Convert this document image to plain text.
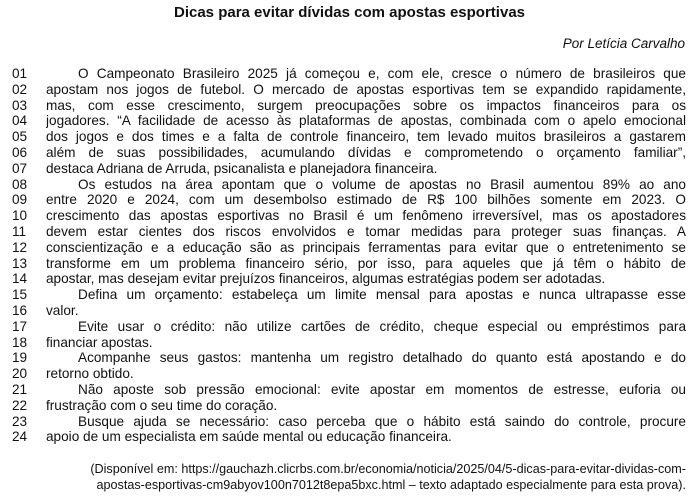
Dicas para evitar dívidas com apostas esportivas
Por Letícia Carvalho
01	O Campeonato Brasileiro 2025 já começou e, com ele, cresce o número de brasileiros que
02	apostam nos jogos de futebol. O mercado de apostas esportivas tem se expandido rapidamente,
03	mas, com esse crescimento, surgem preocupações sobre os impactos financeiros para os
04	jogadores. “A facilidade de acesso às plataformas de apostas, combinada com o apelo emocional
05	dos jogos e dos times e a falta de controle financeiro, tem levado muitos brasileiros a gastarem
06	além de suas possibilidades, acumulando dívidas e comprometendo o orçamento familiar”,
07	destaca Adriana de Arruda, psicanalista e planejadora financeira.
08	Os estudos na área apontam que o volume de apostas no Brasil aumentou 89% ao ano
09	entre 2020 e 2024, com um desembolso estimado de R$ 100 bilhões somente em 2023. O
10	crescimento das apostas esportivas no Brasil é um fenômeno irreversível, mas os apostadores
11	devem estar cientes dos riscos envolvidos e tomar medidas para proteger suas finanças. A
12	conscientização e a educação são as principais ferramentas para evitar que o entretenimento se
13	transforme em um problema financeiro sério, por isso, para aqueles que já têm o hábito de
14	apostar, mas desejam evitar prejuízos financeiros, algumas estratégias podem ser adotadas.
15	Defina um orçamento: estabeleça um limite mensal para apostas e nunca ultrapasse esse
16	valor.
17	Evite usar o crédito: não utilize cartões de crédito, cheque especial ou empréstimos para
18	financiar apostas.
19	Acompanhe seus gastos: mantenha um registro detalhado do quanto está apostando e do
20	retorno obtido.
21	Não aposte sob pressão emocional: evite apostar em momentos de estresse, euforia ou
22	frustração com o seu time do coração.
23	Busque ajuda se necessário: caso perceba que o hábito está saindo do controle, procure
24	apoio de um especialista em saúde mental ou educação financeira.
(Disponível em: https://gauchazh.clicrbs.com.br/economia/noticia/2025/04/5-dicas-para-evitar-dividas-com-
apostas-esportivas-cm9abyov100n7012t8epa5bxc.html – texto adaptado especialmente para esta prova).
